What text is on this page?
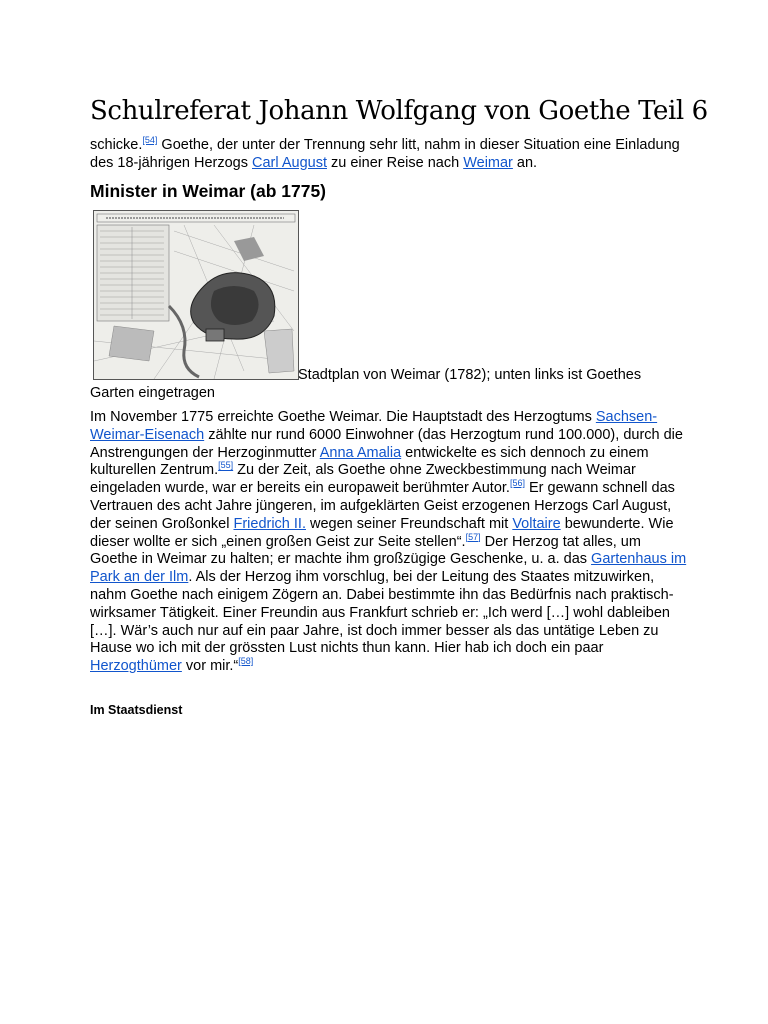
Schulreferat Johann Wolfgang von Goethe Teil 6

schicke.[54] Goethe, der unter der Trennung sehr litt, nahm in dieser Situation eine Einladung des 18-jährigen Herzogs Carl August zu einer Reise nach Weimar an.

Minister in Weimar (ab 1775)
Stadtplan von Weimar (1782); unten links ist Goethes
Garten eingetragen

Im November 1775 erreichte Goethe Weimar. Die Hauptstadt des Herzogtums Sachsen-Weimar-Eisenach zählte nur rund 6000 Einwohner (das Herzogtum rund 100.000), durch die Anstrengungen der Herzoginmutter Anna Amalia entwickelte es sich dennoch zu einem kulturellen Zentrum.[55] Zu der Zeit, als Goethe ohne Zweckbestimmung nach Weimar eingeladen wurde, war er bereits ein europaweit berühmter Autor.[56] Er gewann schnell das Vertrauen des acht Jahre jüngeren, im aufgeklärten Geist erzogenen Herzogs Carl August, der seinen Großonkel Friedrich II. wegen seiner Freundschaft mit Voltaire bewunderte. Wie dieser wollte er sich „einen großen Geist zur Seite stellen“.[57] Der Herzog tat alles, um Goethe in Weimar zu halten; er machte ihm großzügige Geschenke, u. a. das Gartenhaus im Park an der Ilm. Als der Herzog ihm vorschlug, bei der Leitung des Staates mitzuwirken, nahm Goethe nach einigem Zögern an. Dabei bestimmte ihn das Bedürfnis nach praktisch-wirksamer Tätigkeit. Einer Freundin aus Frankfurt schrieb er: „Ich werd […] wohl dableiben […]. Wär’s auch nur auf ein paar Jahre, ist doch immer besser als das untätige Leben zu Hause wo ich mit der grössten Lust nichts thun kann. Hier hab ich doch ein paar Herzogthümer vor mir.“[58]

Im Staatsdienst
